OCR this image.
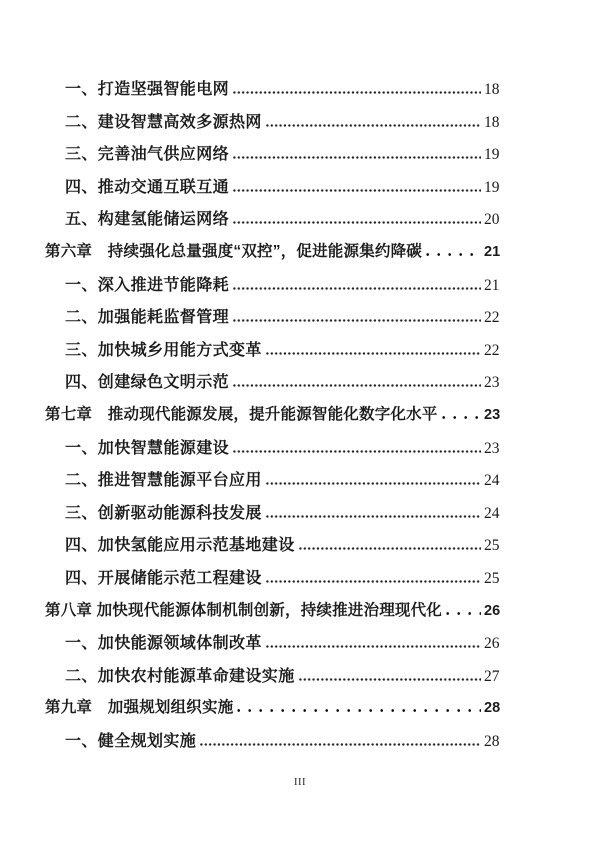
一、打造坚强智能电网	18
二、建设智慧高效多源热网	18
三、完善油气供应网络	19
四、推动交通互联互通	19
五、构建氢能储运网络	20
第六章　持续强化总量强度“双控”，促进能源集约降碳	21
一、深入推进节能降耗	21
二、加强能耗监督管理	22
三、加快城乡用能方式变革	22
四、创建绿色文明示范	23
第七章　推动现代能源发展，提升能源智能化数字化水平	23
一、加快智慧能源建设	23
二、推进智慧能源平台应用	24
三、创新驱动能源科技发展	24
四、加快氢能应用示范基地建设	25
四、开展储能示范工程建设	25
第八章 加快现代能源体制机制创新，持续推进治理现代化	26
一、加快能源领域体制改革	26
二、加快农村能源革命建设实施	27
第九章　加强规划组织实施	28
一、健全规划实施	28
III
